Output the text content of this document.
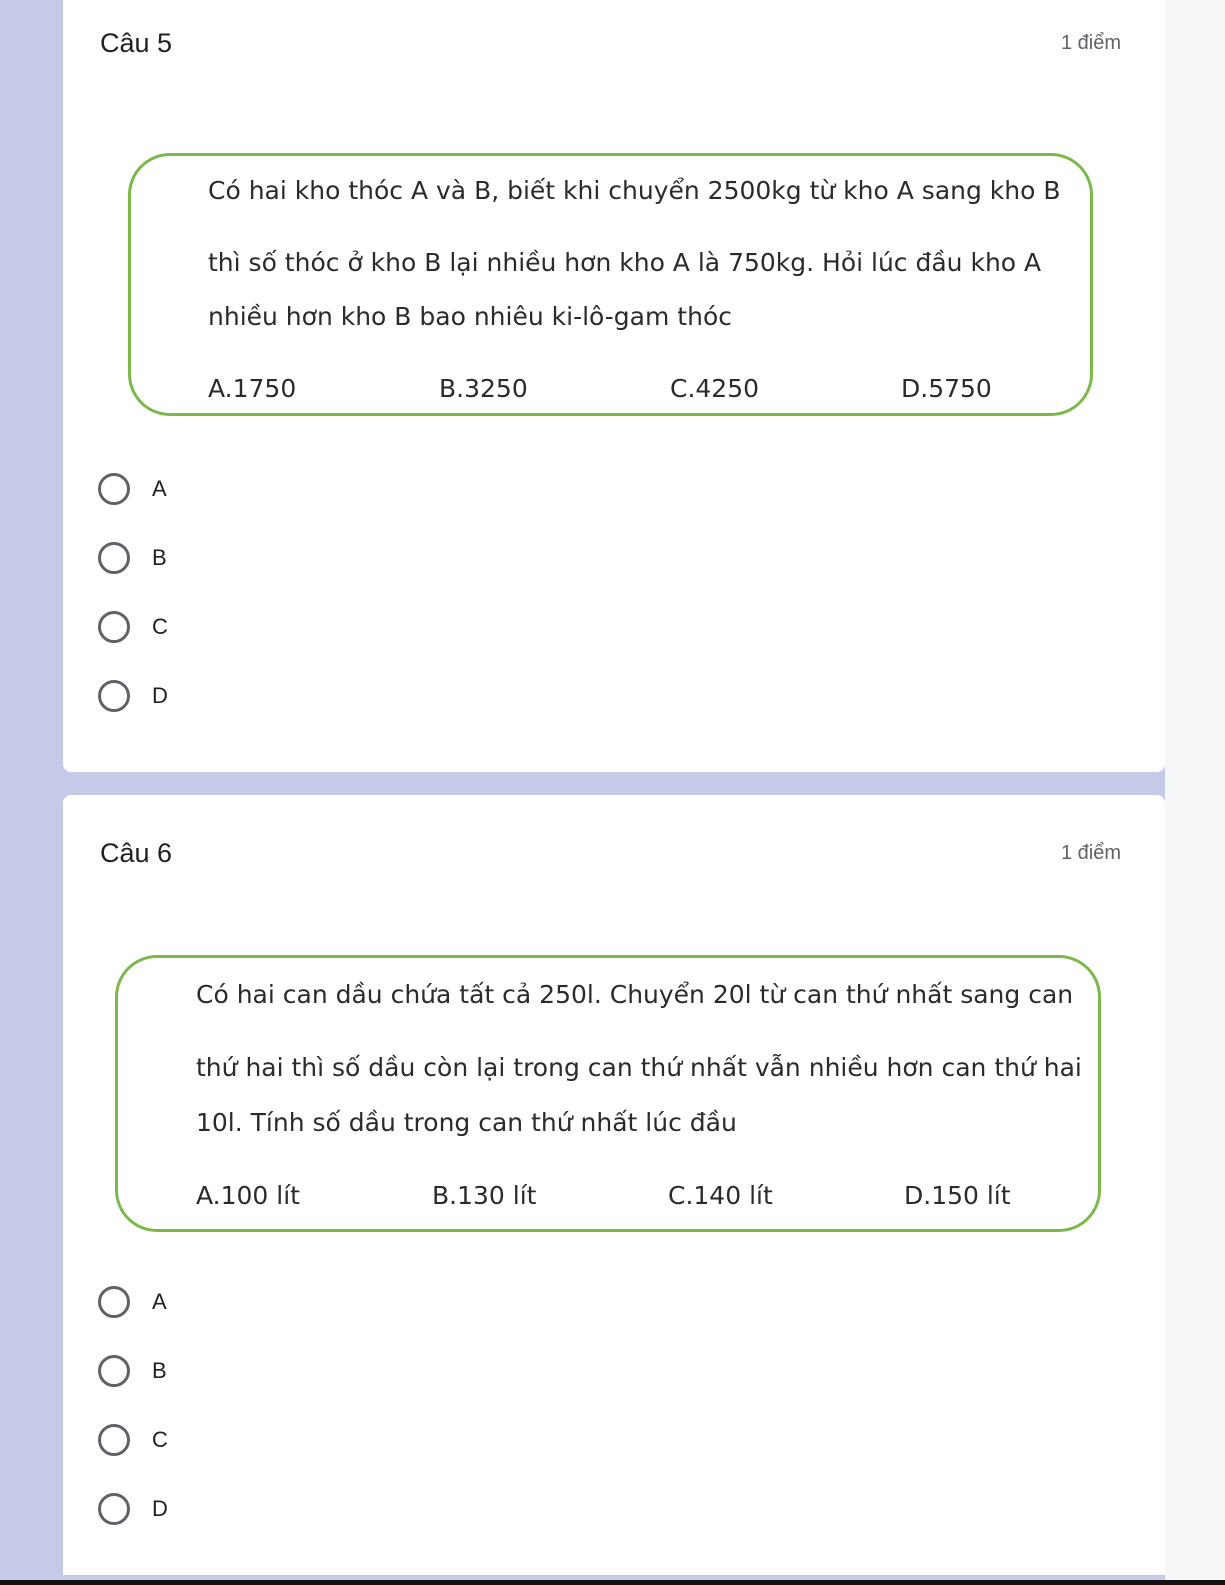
Câu 5	1 điểm
Có hai kho thóc A và B, biết khi chuyển 2500kg từ kho A sang kho B
thì số thóc ở kho B lại nhiều hơn kho A là 750kg. Hỏi lúc đầu kho A
nhiều hơn kho B bao nhiêu ki-lô-gam thóc
A.1750	B.3250	C.4250	D.5750
A
B
C
D
Câu 6	1 điểm
Có hai can dầu chứa tất cả 250l. Chuyển 20l từ can thứ nhất sang can
thứ hai thì số dầu còn lại trong can thứ nhất vẫn nhiều hơn can thứ hai
10l. Tính số dầu trong can thứ nhất lúc đầu
A.100 lít	B.130 lít	C.140 lít	D.150 lít
A
B
C
D
